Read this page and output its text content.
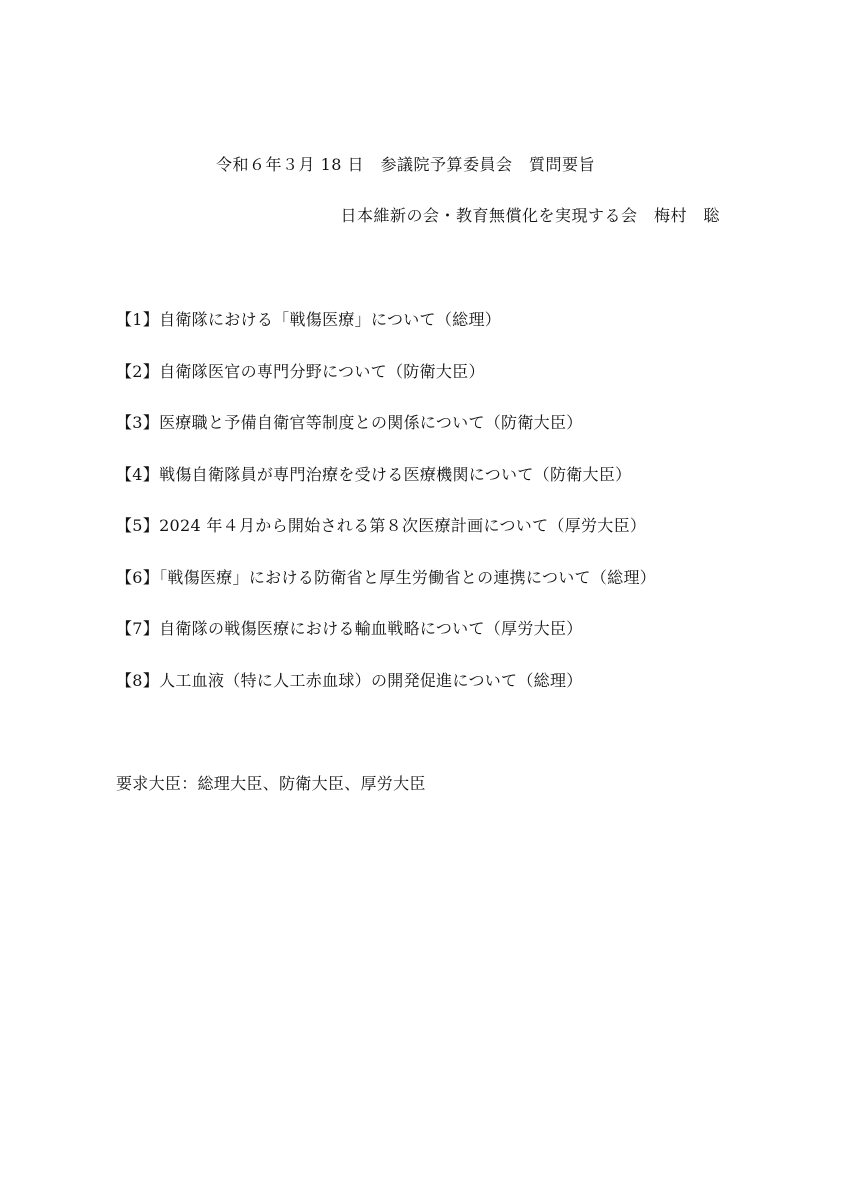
令和６年３月 18 日　参議院予算委員会　質問要旨
日本維新の会・教育無償化を実現する会　梅村　聡
【1】自衛隊における「戦傷医療」について（総理）
【2】自衛隊医官の専門分野について（防衛大臣）
【3】医療職と予備自衛官等制度との関係について（防衛大臣）
【4】戦傷自衛隊員が専門治療を受ける医療機関について（防衛大臣）
【5】2024 年４月から開始される第８次医療計画について（厚労大臣）
【6】「戦傷医療」における防衛省と厚生労働省との連携について（総理）
【7】自衛隊の戦傷医療における輸血戦略について（厚労大臣）
【8】人工血液（特に人工赤血球）の開発促進について（総理）
要求大臣：総理大臣、防衛大臣、厚労大臣
